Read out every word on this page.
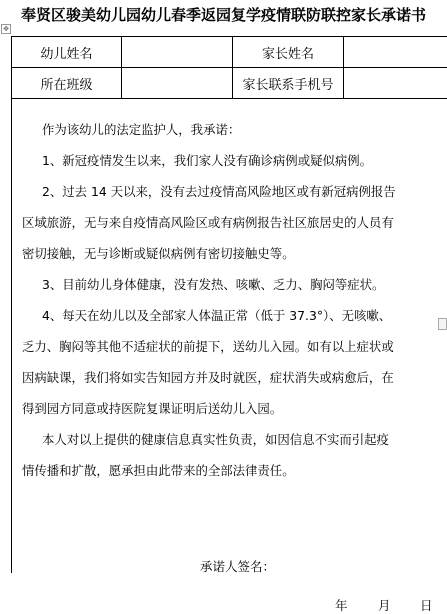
奉贤区骏美幼儿园幼儿春季返园复学疫情联防联控家长承诺书
✥
幼儿姓名	家长姓名
所在班级	家长联系手机号
作为该幼儿的法定监护人，我承诺：
1、新冠疫情发生以来，我们家人没有确诊病例或疑似病例。
2、过去 14 天以来，没有去过疫情高风险地区或有新冠病例报告
区域旅游，无与来自疫情高风险区或有病例报告社区旅居史的人员有
密切接触，无与诊断或疑似病例有密切接触史等。
3、目前幼儿身体健康，没有发热、咳嗽、乏力、胸闷等症状。
4、每天在幼儿以及全部家人体温正常（低于 37.3°）、无咳嗽、
乏力、胸闷等其他不适症状的前提下，送幼儿入园。如有以上症状或
因病缺课，我们将如实告知园方并及时就医，症状消失或病愈后，在
得到园方同意或持医院复课证明后送幼儿入园。
本人对以上提供的健康信息真实性负责，如因信息不实而引起疫
情传播和扩散，愿承担由此带来的全部法律责任。
承诺人签名：
年	月	日
